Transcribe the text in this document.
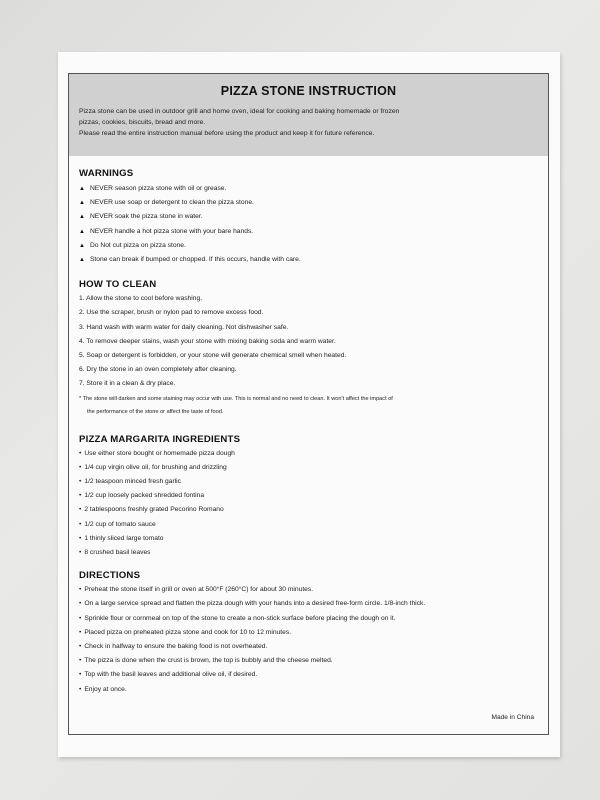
PIZZA STONE INSTRUCTION

Pizza stone can be used in outdoor grill and home oven, ideal for cooking and baking homemade or frozen

pizzas, cookies, biscuits, bread and more.

Please read the entire instruction manual before using the product and keep it for future reference.

WARNINGS
▲ NEVER season pizza stone with oil or grease.
▲ NEVER use soap or detergent to clean the pizza stone.
▲ NEVER soak the pizza stone in water.
▲ NEVER handle a hot pizza stone with your bare hands.
▲ Do Not cut pizza on pizza stone.
▲ Stone can break if bumped or chopped. If this occurs, handle with care.
HOW TO CLEAN
1. Allow the stone to cool before washing.
2. Use the scraper, brush or nylon pad to remove excess food.
3. Hand wash with warm water for daily cleaning. Not dishwasher safe.
4. To remove deeper stains, wash your stone with mixing baking soda and warm water.
5. Soap or detergent is forbidden, or your stone will generate chemical smell when heated.
6. Dry the stone in an oven completely after cleaning.
7. Store it in a clean & dry place.

* The stone will darken and some staining may occur with use. This is normal and no need to clean. It won't affect the impact of

the performance of the stone or affect the taste of food.

PIZZA MARGARITA INGREDIENTS
• Use either store bought or homemade pizza dough
• 1/4 cup virgin olive oil, for brushing and drizzling
• 1/2 teaspoon minced fresh garlic
• 1/2 cup loosely packed shredded fontina
• 2 tablespoons freshly grated Pecorino Romano
• 1/2 cup of tomato sauce
• 1 thinly sliced large tomato
• 8 crushed basil leaves
DIRECTIONS
• Preheat the stone itself in grill or oven at 500°F (260°C) for about 30 minutes.
• On a large service spread and flatten the pizza dough with your hands into a desired free-form circle. 1/8-inch thick.
• Sprinkle flour or cornmeal on top of the stone to create a non-stick surface before placing the dough on it.
• Placed pizza on preheated pizza stone and cook for 10 to 12 minutes.
• Check in halfway to ensure the baking food is not overheated.
• The pizza is done when the crust is brown, the top is bubbly and the cheese melted.
• Top with the basil leaves and additional olive oil, if desired.
• Enjoy at once.
Made in China
